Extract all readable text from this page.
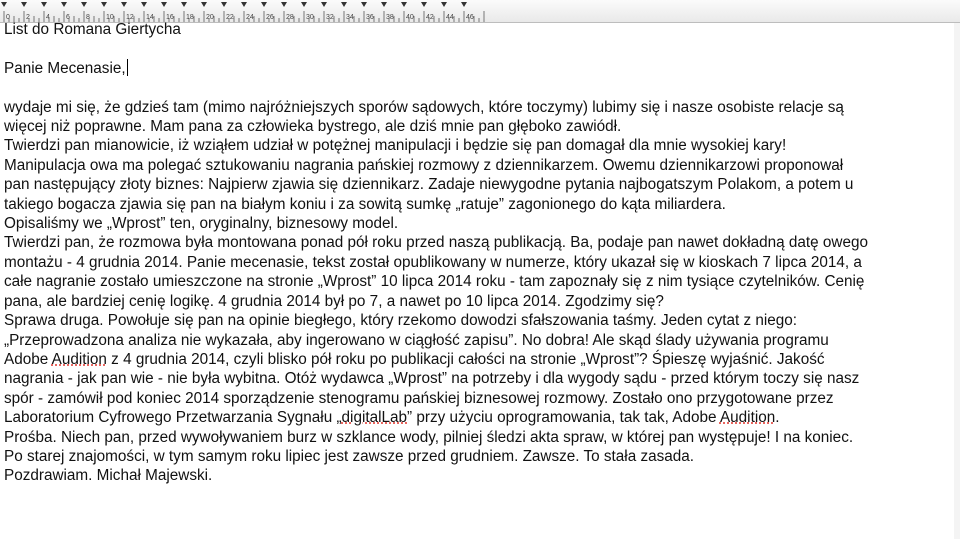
0 2 4 6 8 10 12 14 16 18 20 22 24 26 28 30 32 34 36 38 40 42 44 46

List do Romana Giertycha

Panie Mecenasie,

wydaje mi się, że gdzieś tam (mimo najróżniejszych sporów sądowych, które toczymy) lubimy się i nasze osobiste relacje są

więcej niż poprawne. Mam pana za człowieka bystrego, ale dziś mnie pan głęboko zawiódł.

Twierdzi pan mianowicie, iż wziąłem udział w potężnej manipulacji i będzie się pan domagał dla mnie wysokiej kary!

Manipulacja owa ma polegać sztukowaniu nagrania pańskiej rozmowy z dziennikarzem. Owemu dziennikarzowi proponował

pan następujący złoty biznes: Najpierw zjawia się dziennikarz. Zadaje niewygodne pytania najbogatszym Polakom, a potem u

takiego bogacza zjawia się pan na białym koniu i za sowitą sumkę „ratuje” zagonionego do kąta miliardera.

Opisaliśmy we „Wprost” ten, oryginalny, biznesowy model.

Twierdzi pan, że rozmowa była montowana ponad pół roku przed naszą publikacją. Ba, podaje pan nawet dokładną datę owego

montażu - 4 grudnia 2014. Panie mecenasie, tekst został opublikowany w numerze, który ukazał się w kioskach 7 lipca 2014, a

całe nagranie zostało umieszczone na stronie „Wprost” 10 lipca 2014 roku - tam zapoznały się z nim tysiące czytelników. Cenię

pana, ale bardziej cenię logikę. 4 grudnia 2014 był po 7, a nawet po 10 lipca 2014. Zgodzimy się?

Sprawa druga. Powołuje się pan na opinie biegłego, który rzekomo dowodzi sfałszowania taśmy. Jeden cytat z niego:

„Przeprowadzona analiza nie wykazała, aby ingerowano w ciągłość zapisu”. No dobra! Ale skąd ślady używania programu

Adobe Audition z 4 grudnia 2014, czyli blisko pół roku po publikacji całości na stronie „Wprost”? Śpieszę wyjaśnić. Jakość

nagrania - jak pan wie - nie była wybitna. Otóż wydawca „Wprost” na potrzeby i dla wygody sądu - przed którym toczy się nasz

spór - zamówił pod koniec 2014 sporządzenie stenogramu pańskiej biznesowej rozmowy. Zostało ono przygotowane przez

Laboratorium Cyfrowego Przetwarzania Sygnału „digitalLab” przy użyciu oprogramowania, tak tak, Adobe Audition.

Prośba. Niech pan, przed wywoływaniem burz w szklance wody, pilniej śledzi akta spraw, w której pan występuje! I na koniec.

Po starej znajomości, w tym samym roku lipiec jest zawsze przed grudniem. Zawsze. To stała zasada.

Pozdrawiam. Michał Majewski.
